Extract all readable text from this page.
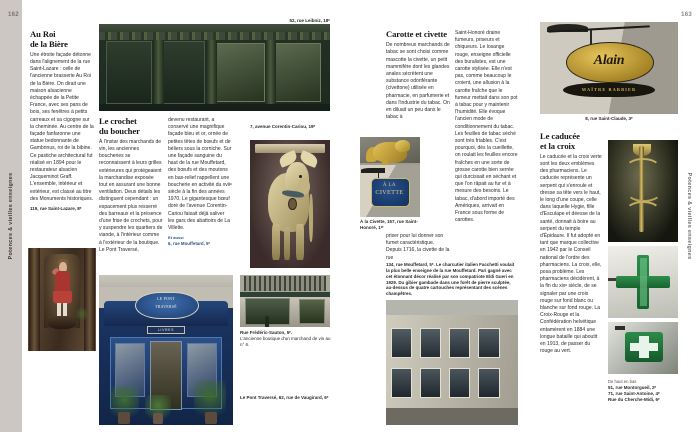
Potences & vieilles enseignes
162
Au Roi
de la Bière

Une étroite façade détonne dans l'alignement de la rue Saint-Lazare : celle de l'ancienne brasserie Au Roi de la Bière. On dirait une maison alsacienne échappée de la Petite France, avec ses pans de bois, ses fenêtres à petits carreaux et sa cigogne sur la cheminée. Au centre de la façade fanfaronne une statue bedonnante de Gambrinus, roi de la bibine. Ce pastiche architectural fut réalisé en 1894 pour le restaurateur alsacien Jacqueminot Graff. L'ensemble, intérieur et extérieur, est classé au titre des Monuments historiques.

119, rue Saint-Lazare, 8ᵉ

52, rue Leibniz, 18ᵉ
Le crochet
du boucher

À l'instar des marchands de vin, les anciennes boucheries se reconnaissent à leurs grilles extérieures qui protégeaient la marchandise exposée tout en assurant une bonne ventilation. Deux détails les distinguent cependant : un espacement plus resserré des barreaux et la présence d'une frise de crochets, pour y suspendre les quartiers de viande, à l'intérieur comme à l'extérieur de la boutique. Le Pont Traversé,

devenu restaurant, a conservé une magnifique façade bleu et or, ornée de petites têtes de bœufs et de béliers sous la corniche. Sur une façade sanguine du haut de la rue Mouffetard, des bœufs et des moutons en bas-relief rappellent une boucherie en activité du xviiᵉ siècle à la fin des années 1970. Le gigantesque bœuf doré de l'avenue Corentin-Cariou faisait déjà saliver les gars des abattoirs de La Villette.

Et aussi
6, rue Mouffetard, 5ᵉ

7, avenue Corentin-Cariou, 19ᵉ
LE PONT
TRAVERSÉ
LIVRES	Rue Frédéric-Sauton, 5ᵉ.

L'ancienne boutique d'un marchand de vin au n° 6.

Le Pont Traversé, 62, rue de Vaugirard, 6ᵉ

Potences & vieilles enseignes
163
Carotte et civette

De nombreux marchands de tabac se sont choisi comme mascotte la civette, un petit mammifère dont les glandes anales sécrètent une substance odoriférante (civettone) utilisée en pharmacie, en parfumerie et dans l'industrie du tabac. On en diluait un peu dans le tabac à

À LA
CIVETTE

À la Civette, 157, rue Saint-Honoré, 1ᵉʳ

priser pour lui donner son fumet caractéristique. Depuis 1716, la civette de la rue

Saint-Honoré draine fumeurs, priseurs et chiqueurs. Le losange rouge, enseigne officielle des buralistes, est une carotte stylisée. Elle n'est pas, comme beaucoup le croient, une allusion à la carotte fraîche que le fumeur mettait dans son pot à tabac pour y maintenir l'humidité. Elle évoque l'ancien mode de conditionnement du tabac. Les feuilles de tabac séché sont très friables. C'est pourquoi, dès la cueillette, on roulait les feuilles encore fraîches en une sorte de grosse carotte bien serrée qui durcissait en séchant et que l'on râpait au fur et à mesure des besoins. Le tabac, d'abord importé des Amériques, arrivait en France sous forme de carottes.

134, rue Mouffetard, 5ᵉ. Le charcutier italien Facchetti voulait la plus belle enseigne de la rue Mouffetard. Pari gagné avec cet étonnant décor réalisé par son compatriote Eldi Gueri en 1929. Du gibier gambade dans une forêt de pierre sculptée, au-dessus de quatre cartouches représentant des scènes champêtres.

Alain
MAÎTRE BARBIER

8, rue Saint-Claude, 3ᵉ

Le caducée
et la croix

Le caducée et la croix verte sont les deux emblèmes des pharmaciens. Le caducée représente un serpent qui s'enroule et dresse sa tête vers le haut, le long d'une coupe, celle dans laquelle Hygie, fille d'Esculape et déesse de la santé, donnait à boire au serpent du temple d'Épidaure. Il fut adopté en tant que marque collective en 1942 par le Conseil national de l'ordre des pharmaciens. La croix, elle, posa problème. Les pharmaciens décidèrent, à la fin du xixᵉ siècle, de se signaler par une croix rouge sur fond blanc ou blanche sur fond rouge. La Croix-Rouge et la Confédération helvétique entamèrent en 1884 une longue bataille qui aboutit en 1913, de passer du rouge au vert.

De haut en bas

51, rue Montorgueil, 2ᵉ

71, rue Saint-Antoine, 4ᵉ

Rue du Cherche-Midi, 6ᵉ
